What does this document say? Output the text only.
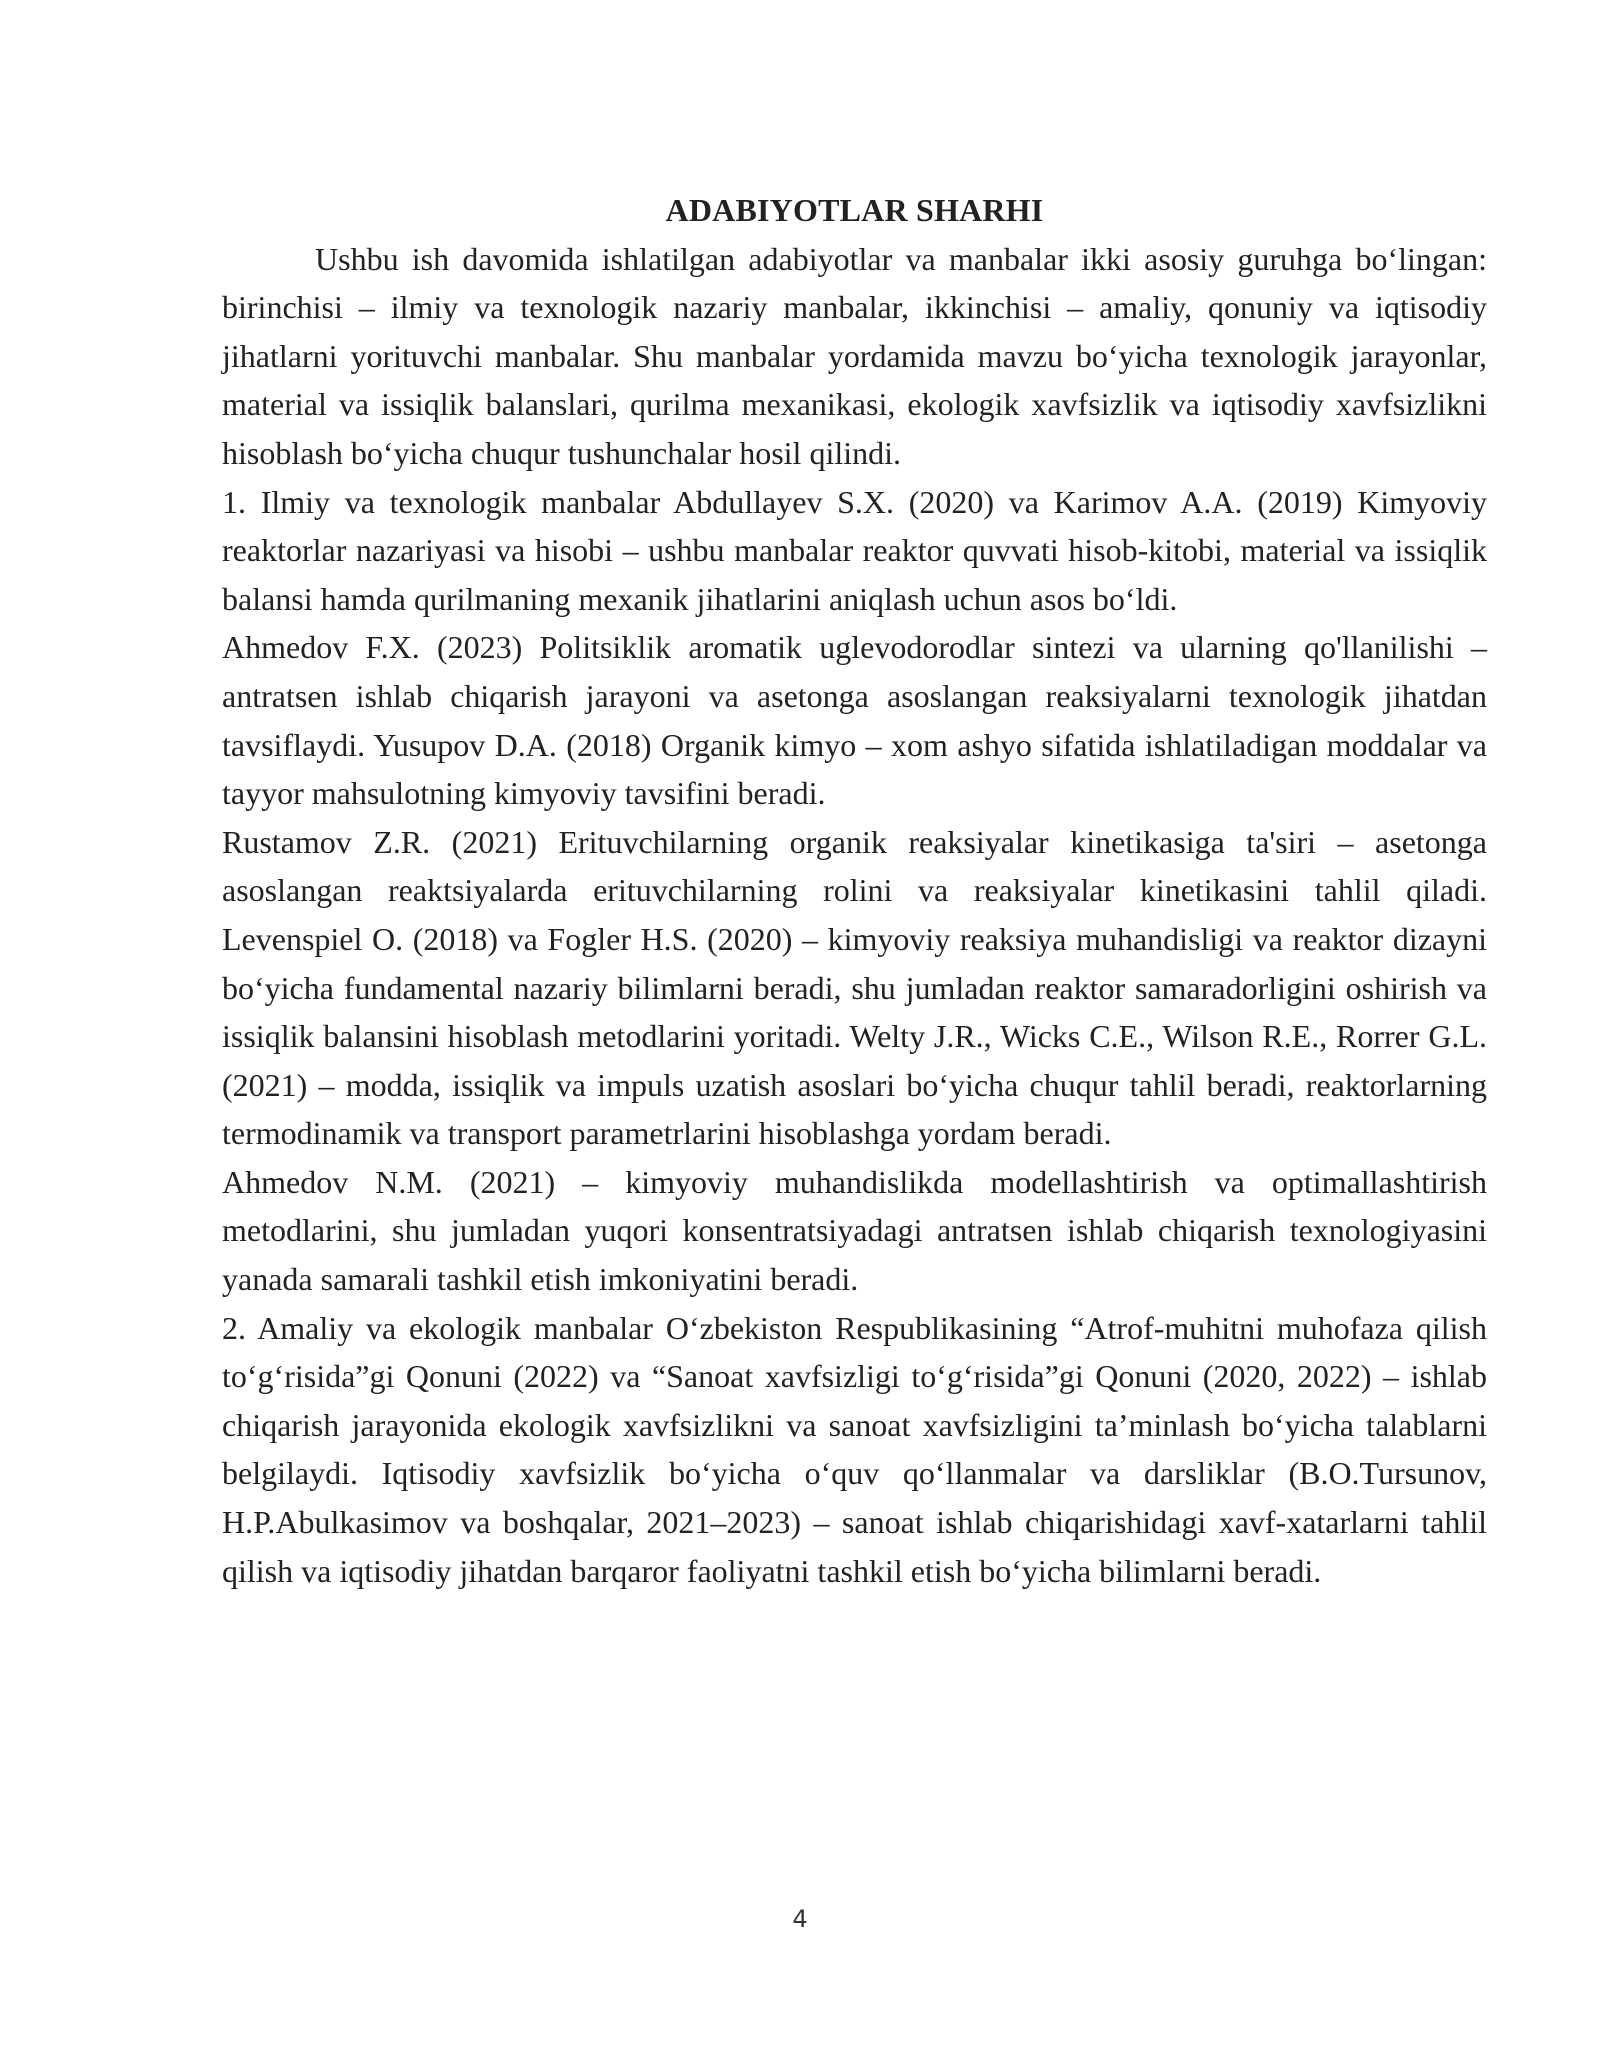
ADABIYOTLAR SHARHI

Ushbu ish davomida ishlatilgan adabiyotlar va manbalar ikki asosiy guruhga bo‘lingan: birinchisi – ilmiy va texnologik nazariy manbalar, ikkinchisi – amaliy, qonuniy va iqtisodiy jihatlarni yorituvchi manbalar. Shu manbalar yordamida mavzu bo‘yicha texnologik jarayonlar, material va issiqlik balanslari, qurilma mexanikasi, ekologik xavfsizlik va iqtisodiy xavfsizlikni hisoblash bo‘yicha chuqur tushunchalar hosil qilindi.

1. Ilmiy va texnologik manbalar Abdullayev S.X. (2020) va Karimov A.A. (2019) Kimyoviy reaktorlar nazariyasi va hisobi – ushbu manbalar reaktor quvvati hisob-kitobi, material va issiqlik balansi hamda qurilmaning mexanik jihatlarini aniqlash uchun asos bo‘ldi.

Ahmedov F.X. (2023) Politsiklik aromatik uglevodorodlar sintezi va ularning qo'llanilishi – antratsen ishlab chiqarish jarayoni va asetonga asoslangan reaksiyalarni texnologik jihatdan tavsiflaydi. Yusupov D.A. (2018) Organik kimyo – xom ashyo sifatida ishlatiladigan moddalar va tayyor mahsulotning kimyoviy tavsifini beradi.

Rustamov Z.R. (2021) Erituvchilarning organik reaksiyalar kinetikasiga ta'siri – asetonga asoslangan reaktsiyalarda erituvchilarning rolini va reaksiyalar kinetikasini tahlil qiladi. Levenspiel O. (2018) va Fogler H.S. (2020) – kimyoviy reaksiya muhandisligi va reaktor dizayni bo‘yicha fundamental nazariy bilimlarni beradi, shu jumladan reaktor samaradorligini oshirish va issiqlik balansini hisoblash metodlarini yoritadi. Welty J.R., Wicks C.E., Wilson R.E., Rorrer G.L. (2021) – modda, issiqlik va impuls uzatish asoslari bo‘yicha chuqur tahlil beradi, reaktorlarning termodinamik va transport parametrlarini hisoblashga yordam beradi.

Ahmedov N.M. (2021) – kimyoviy muhandislikda modellashtirish va optimallashtirish metodlarini, shu jumladan yuqori konsentratsiyadagi antratsen ishlab chiqarish texnologiyasini yanada samarali tashkil etish imkoniyatini beradi.

2. Amaliy va ekologik manbalar O‘zbekiston Respublikasining “Atrof-muhitni muhofaza qilish to‘g‘risida”gi Qonuni (2022) va “Sanoat xavfsizligi to‘g‘risida”gi Qonuni (2020, 2022) – ishlab chiqarish jarayonida ekologik xavfsizlikni va sanoat xavfsizligini ta’minlash bo‘yicha talablarni belgilaydi. Iqtisodiy xavfsizlik bo‘yicha o‘quv qo‘llanmalar va darsliklar (B.O.Tursunov, H.P.Abulkasimov va boshqalar, 2021–2023) – sanoat ishlab chiqarishidagi xavf-xatarlarni tahlil qilish va iqtisodiy jihatdan barqaror faoliyatni tashkil etish bo‘yicha bilimlarni beradi.

4
